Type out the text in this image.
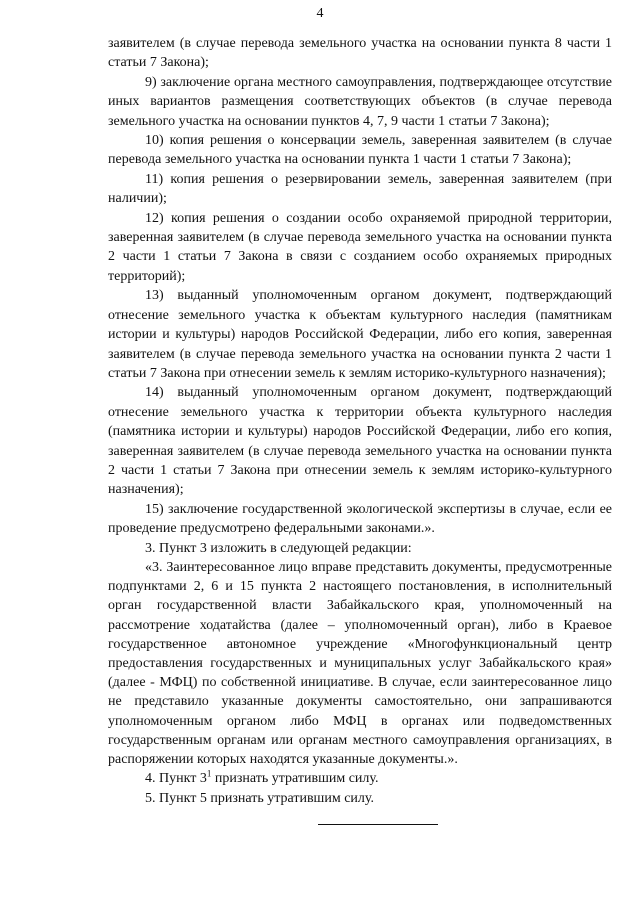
4

заявителем (в случае перевода земельного участка на основании пункта 8 части 1 статьи 7 Закона);

9) заключение органа местного самоуправления, подтверждающее отсутствие иных вариантов размещения соответствующих объектов (в случае перевода земельного участка на основании пунктов 4, 7, 9 части 1 статьи 7 Закона);

10) копия решения о консервации земель, заверенная заявителем (в случае перевода земельного участка на основании пункта 1 части 1 статьи 7 Закона);

11) копия решения о резервировании земель, заверенная заявителем (при наличии);

12) копия решения о создании особо охраняемой природной территории, заверенная заявителем (в случае перевода земельного участка на основании пункта 2 части 1 статьи 7 Закона в связи с созданием особо охраняемых природных территорий);

13) выданный уполномоченным органом документ, подтверждающий отнесение земельного участка к объектам культурного наследия (памятникам истории и культуры) народов Российской Федерации, либо его копия, заверенная заявителем (в случае перевода земельного участка на основании пункта 2 части 1 статьи 7 Закона при отнесении земель к землям историко-культурного назначения);

14) выданный уполномоченным органом документ, подтверждающий отнесение земельного участка к территории объекта культурного наследия (памятника истории и культуры) народов Российской Федерации, либо его копия, заверенная заявителем (в случае перевода земельного участка на основании пункта 2 части 1 статьи 7 Закона при отнесении земель к землям историко-культурного назначения);

15) заключение государственной экологической экспертизы в случае, если ее проведение предусмотрено федеральными законами.».

3. Пункт 3 изложить в следующей редакции:

«3. Заинтересованное лицо вправе представить документы, предусмотренные подпунктами 2, 6 и 15 пункта 2 настоящего постановления, в исполнительный орган государственной власти Забайкальского края, уполномоченный на рассмотрение ходатайства (далее – уполномоченный орган), либо в Краевое государственное автономное учреждение «Многофункциональный центр предоставления государственных и муниципальных услуг Забайкальского края» (далее - МФЦ) по собственной инициативе. В случае, если заинтересованное лицо не представило указанные документы самостоятельно, они запрашиваются уполномоченным органом либо МФЦ в органах или подведомственных государственным органам или органам местного самоуправления организациях, в распоряжении которых находятся указанные документы.».

4. Пункт $3^1$ признать утратившим силу.

5. Пункт 5 признать утратившим силу.
